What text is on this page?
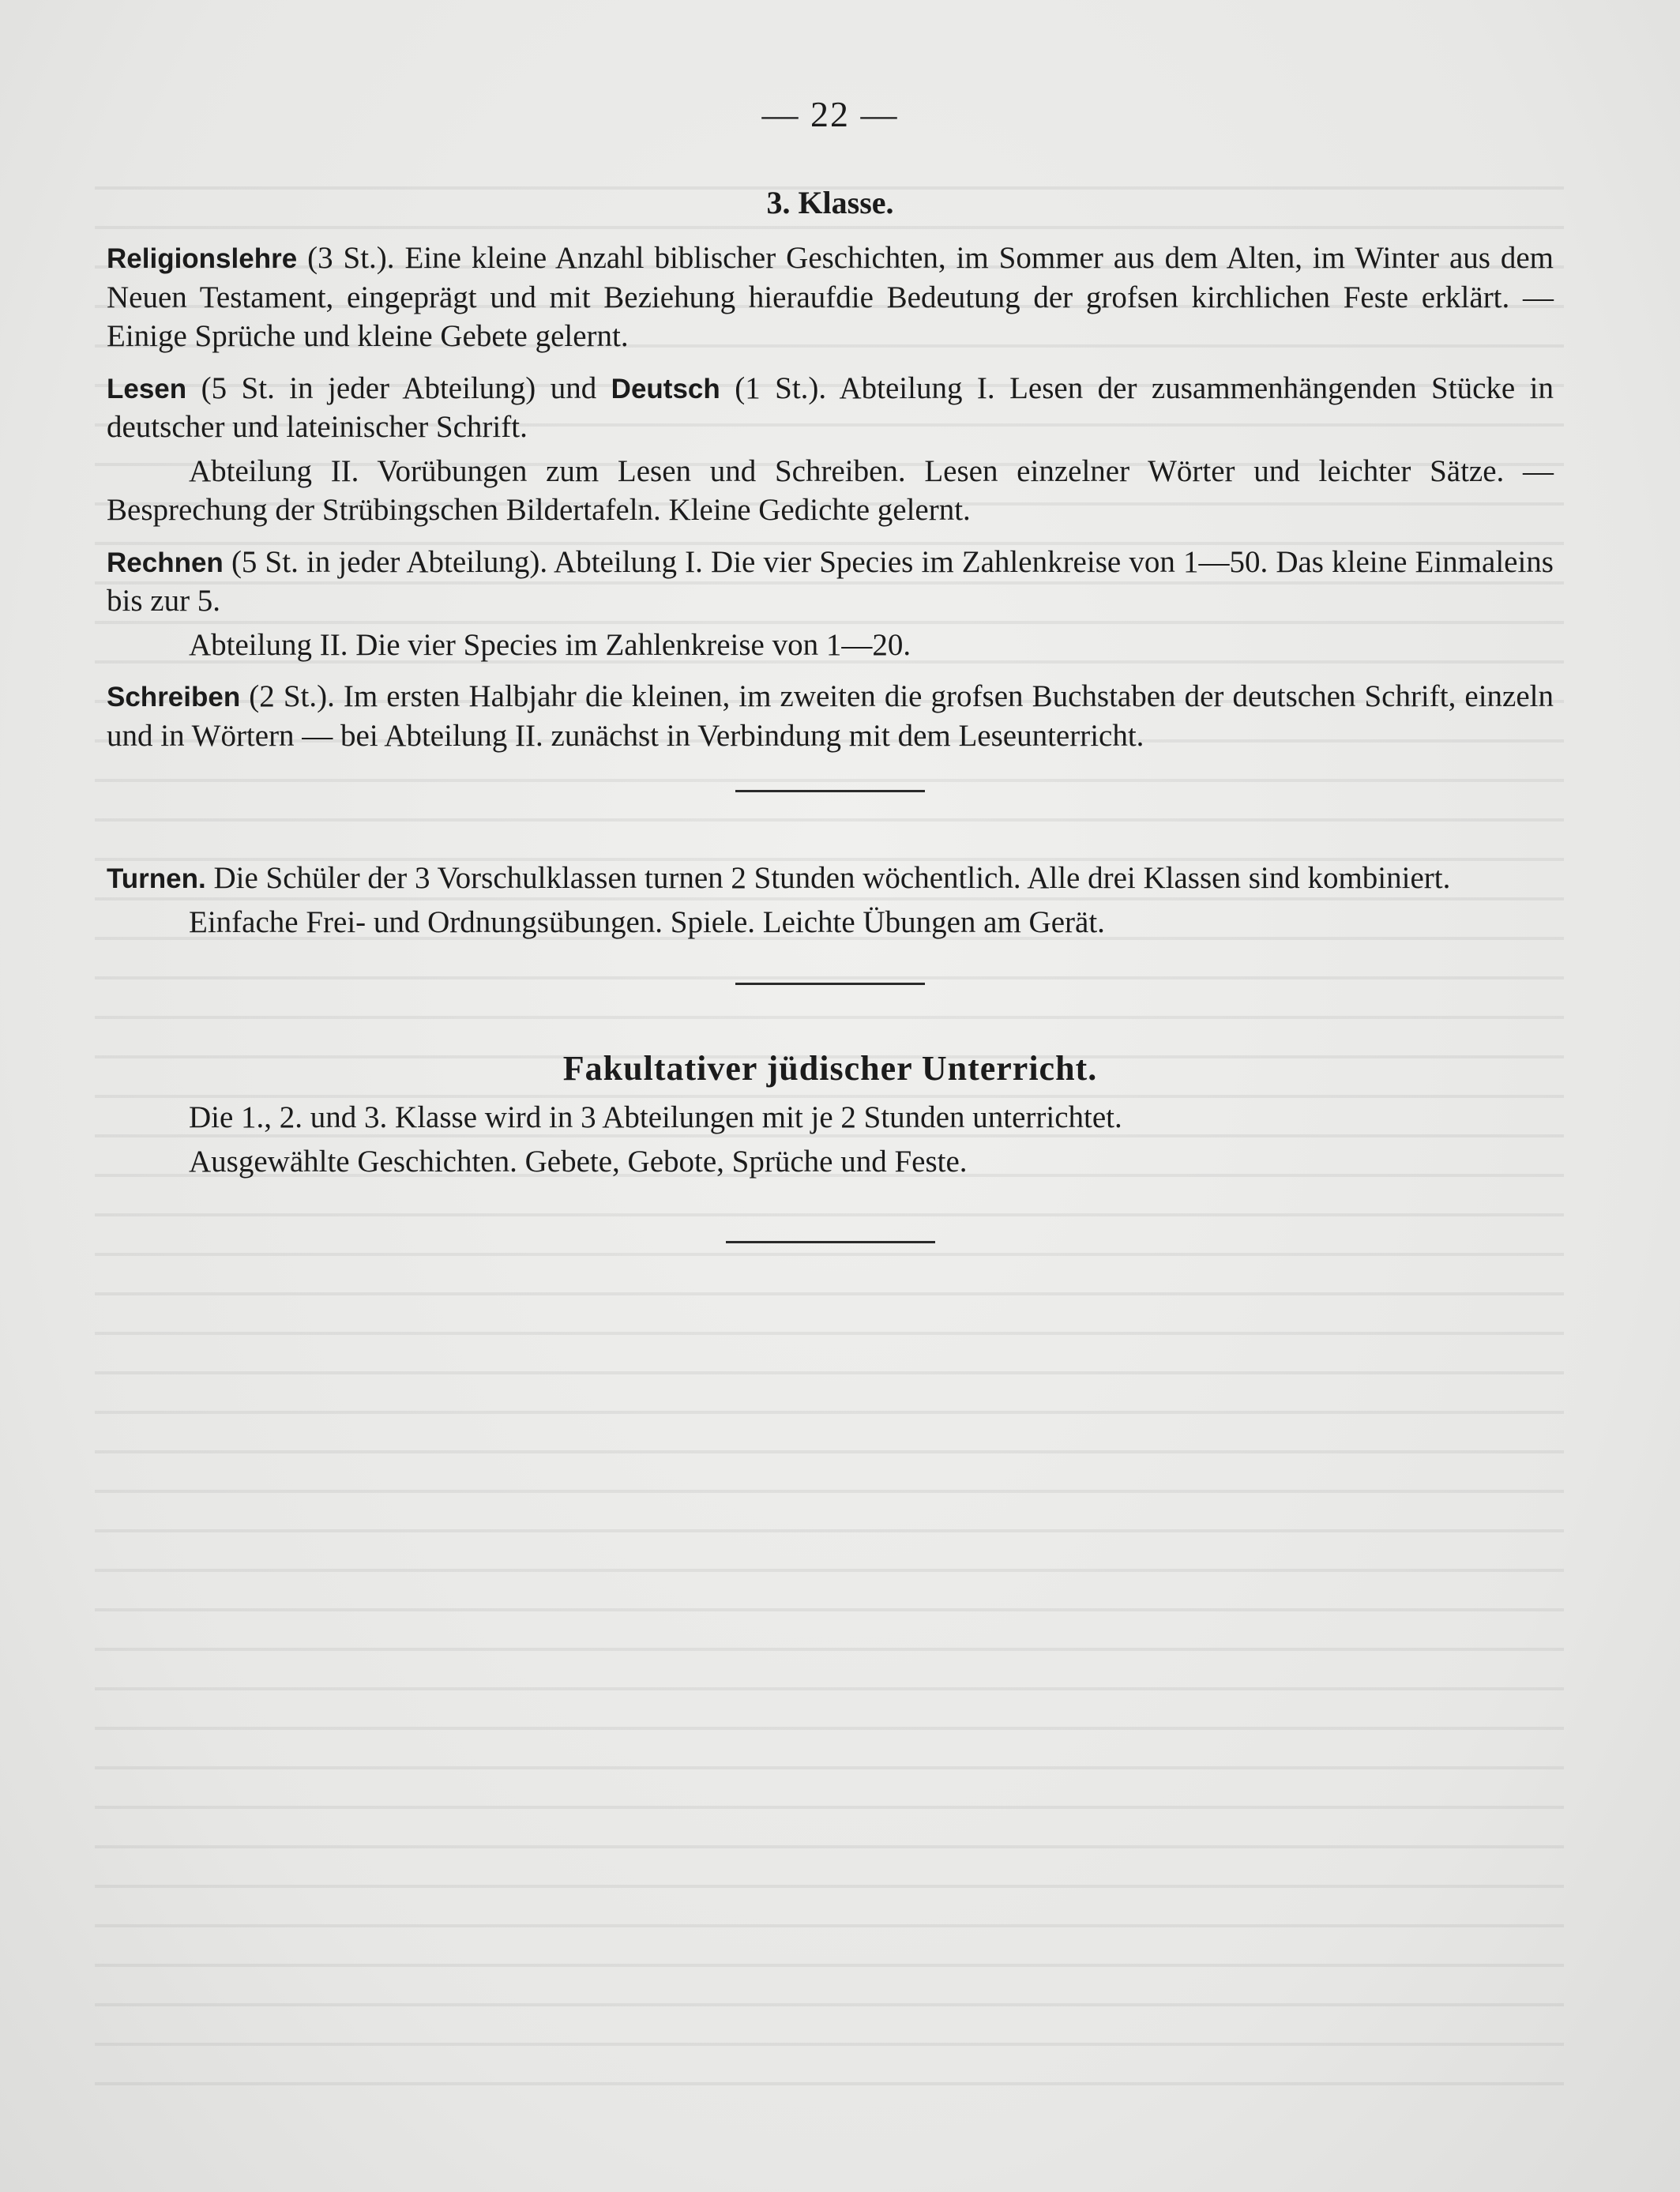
— 22 —
3. Klasse.

Religionslehre (3 St.). Eine kleine Anzahl biblischer Geschichten, im Sommer aus dem Alten, im Winter aus dem Neuen Testament, eingeprägt und mit Beziehung hieraufdie Bedeutung der grofsen kirchlichen Feste erklärt. — Einige Sprüche und kleine Gebete gelernt.

Lesen (5 St. in jeder Abteilung) und Deutsch (1 St.). Abteilung I. Lesen der zusammenhängenden Stücke in deutscher und lateinischer Schrift.

Abteilung II. Vorübungen zum Lesen und Schreiben. Lesen einzelner Wörter und leichter Sätze. — Besprechung der Strübingschen Bildertafeln. Kleine Gedichte gelernt.

Rechnen (5 St. in jeder Abteilung). Abteilung I. Die vier Species im Zahlenkreise von 1—50. Das kleine Einmaleins bis zur 5.

Abteilung II. Die vier Species im Zahlenkreise von 1—20.

Schreiben (2 St.). Im ersten Halbjahr die kleinen, im zweiten die grofsen Buchstaben der deutschen Schrift, einzeln und in Wörtern — bei Abteilung II. zunächst in Verbindung mit dem Leseunterricht.

Turnen. Die Schüler der 3 Vorschulklassen turnen 2 Stunden wöchentlich. Alle drei Klassen sind kombiniert.

Einfache Frei- und Ordnungsübungen. Spiele. Leichte Übungen am Gerät.

Fakultativer jüdischer Unterricht.

Die 1., 2. und 3. Klasse wird in 3 Abteilungen mit je 2 Stunden unterrichtet.

Ausgewählte Geschichten. Gebete, Gebote, Sprüche und Feste.
